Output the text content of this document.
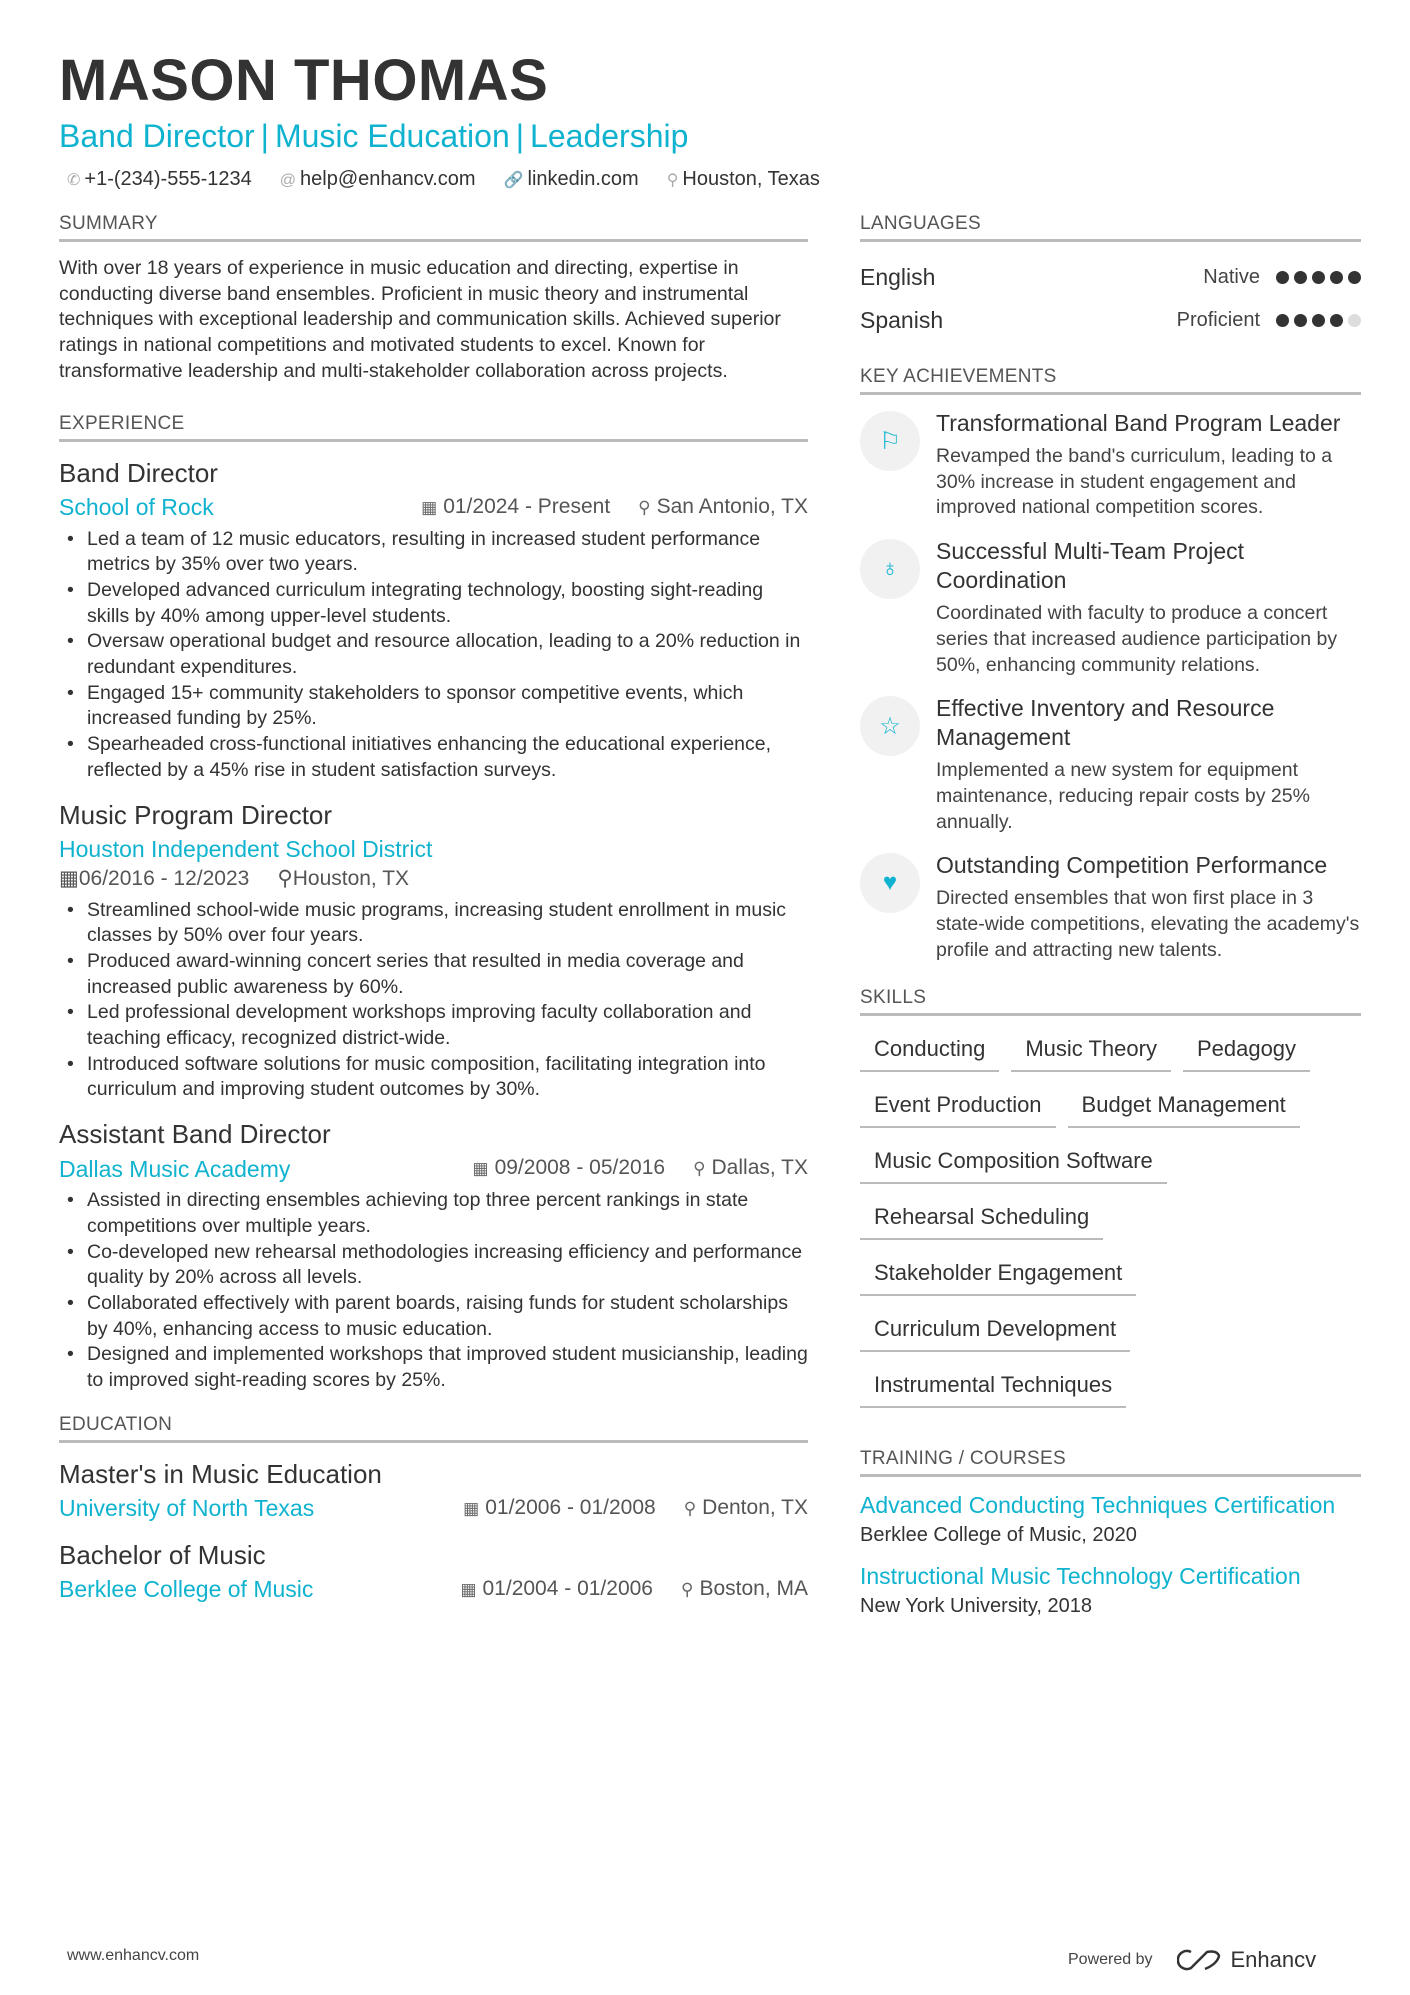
MASON THOMAS
Band Director | Music Education | Leadership
✆ +1-(234)-555-1234 @ help@enhancv.com 🔗 linkedin.com ⚲ Houston, Texas
SUMMARY
With over 18 years of experience in music education and directing, expertise in conducting diverse band ensembles. Proficient in music theory and instrumental techniques with exceptional leadership and communication skills. Achieved superior ratings in national competitions and motivated students to excel. Known for transformative leadership and multi-stakeholder collaboration across projects.
EXPERIENCE
Band Director
School of Rock	▦ 01/2024 - Present ⚲ San Antonio, TX
• Led a team of 12 music educators, resulting in increased student performance metrics by 35% over two years.
• Developed advanced curriculum integrating technology, boosting sight-reading skills by 40% among upper-level students.
• Oversaw operational budget and resource allocation, leading to a 20% reduction in redundant expenditures.
• Engaged 15+ community stakeholders to sponsor competitive events, which increased funding by 25%.
• Spearheaded cross-functional initiatives enhancing the educational experience, reflected by a 45% rise in student satisfaction surveys.
Music Program Director
Houston Independent School District
▦06/2016 - 12/2023 ⚲Houston, TX
• Streamlined school-wide music programs, increasing student enrollment in music classes by 50% over four years.
• Produced award-winning concert series that resulted in media coverage and increased public awareness by 60%.
• Led professional development workshops improving faculty collaboration and teaching efficacy, recognized district-wide.
• Introduced software solutions for music composition, facilitating integration into curriculum and improving student outcomes by 30%.
Assistant Band Director
Dallas Music Academy	▦ 09/2008 - 05/2016 ⚲ Dallas, TX
• Assisted in directing ensembles achieving top three percent rankings in state competitions over multiple years.
• Co-developed new rehearsal methodologies increasing efficiency and performance quality by 20% across all levels.
• Collaborated effectively with parent boards, raising funds for student scholarships by 40%, enhancing access to music education.
• Designed and implemented workshops that improved student musicianship, leading to improved sight-reading scores by 25%.
EDUCATION
Master's in Music Education
University of North Texas	▦ 01/2006 - 01/2008 ⚲ Denton, TX
Bachelor of Music
Berklee College of Music	▦ 01/2004 - 01/2006 ⚲ Boston, MA
LANGUAGES
English	Native
Spanish	Proficient
KEY ACHIEVEMENTS
⚐
Transformational Band Program Leader
Revamped the band's curriculum, leading to a 30% increase in student engagement and improved national competition scores.
♁
Successful Multi-Team Project Coordination
Coordinated with faculty to produce a concert series that increased audience participation by 50%, enhancing community relations.
☆
Effective Inventory and Resource Management
Implemented a new system for equipment maintenance, reducing repair costs by 25% annually.
♥
Outstanding Competition Performance
Directed ensembles that won first place in 3 state-wide competitions, elevating the academy's profile and attracting new talents.
SKILLS
Conducting	Music Theory	Pedagogy
Event Production	Budget Management
Music Composition Software
Rehearsal Scheduling
Stakeholder Engagement
Curriculum Development
Instrumental Techniques
TRAINING / COURSES
Advanced Conducting Techniques Certification
Berklee College of Music, 2020
Instructional Music Technology Certification
New York University, 2018
www.enhancv.com	Powered by	Enhancv
